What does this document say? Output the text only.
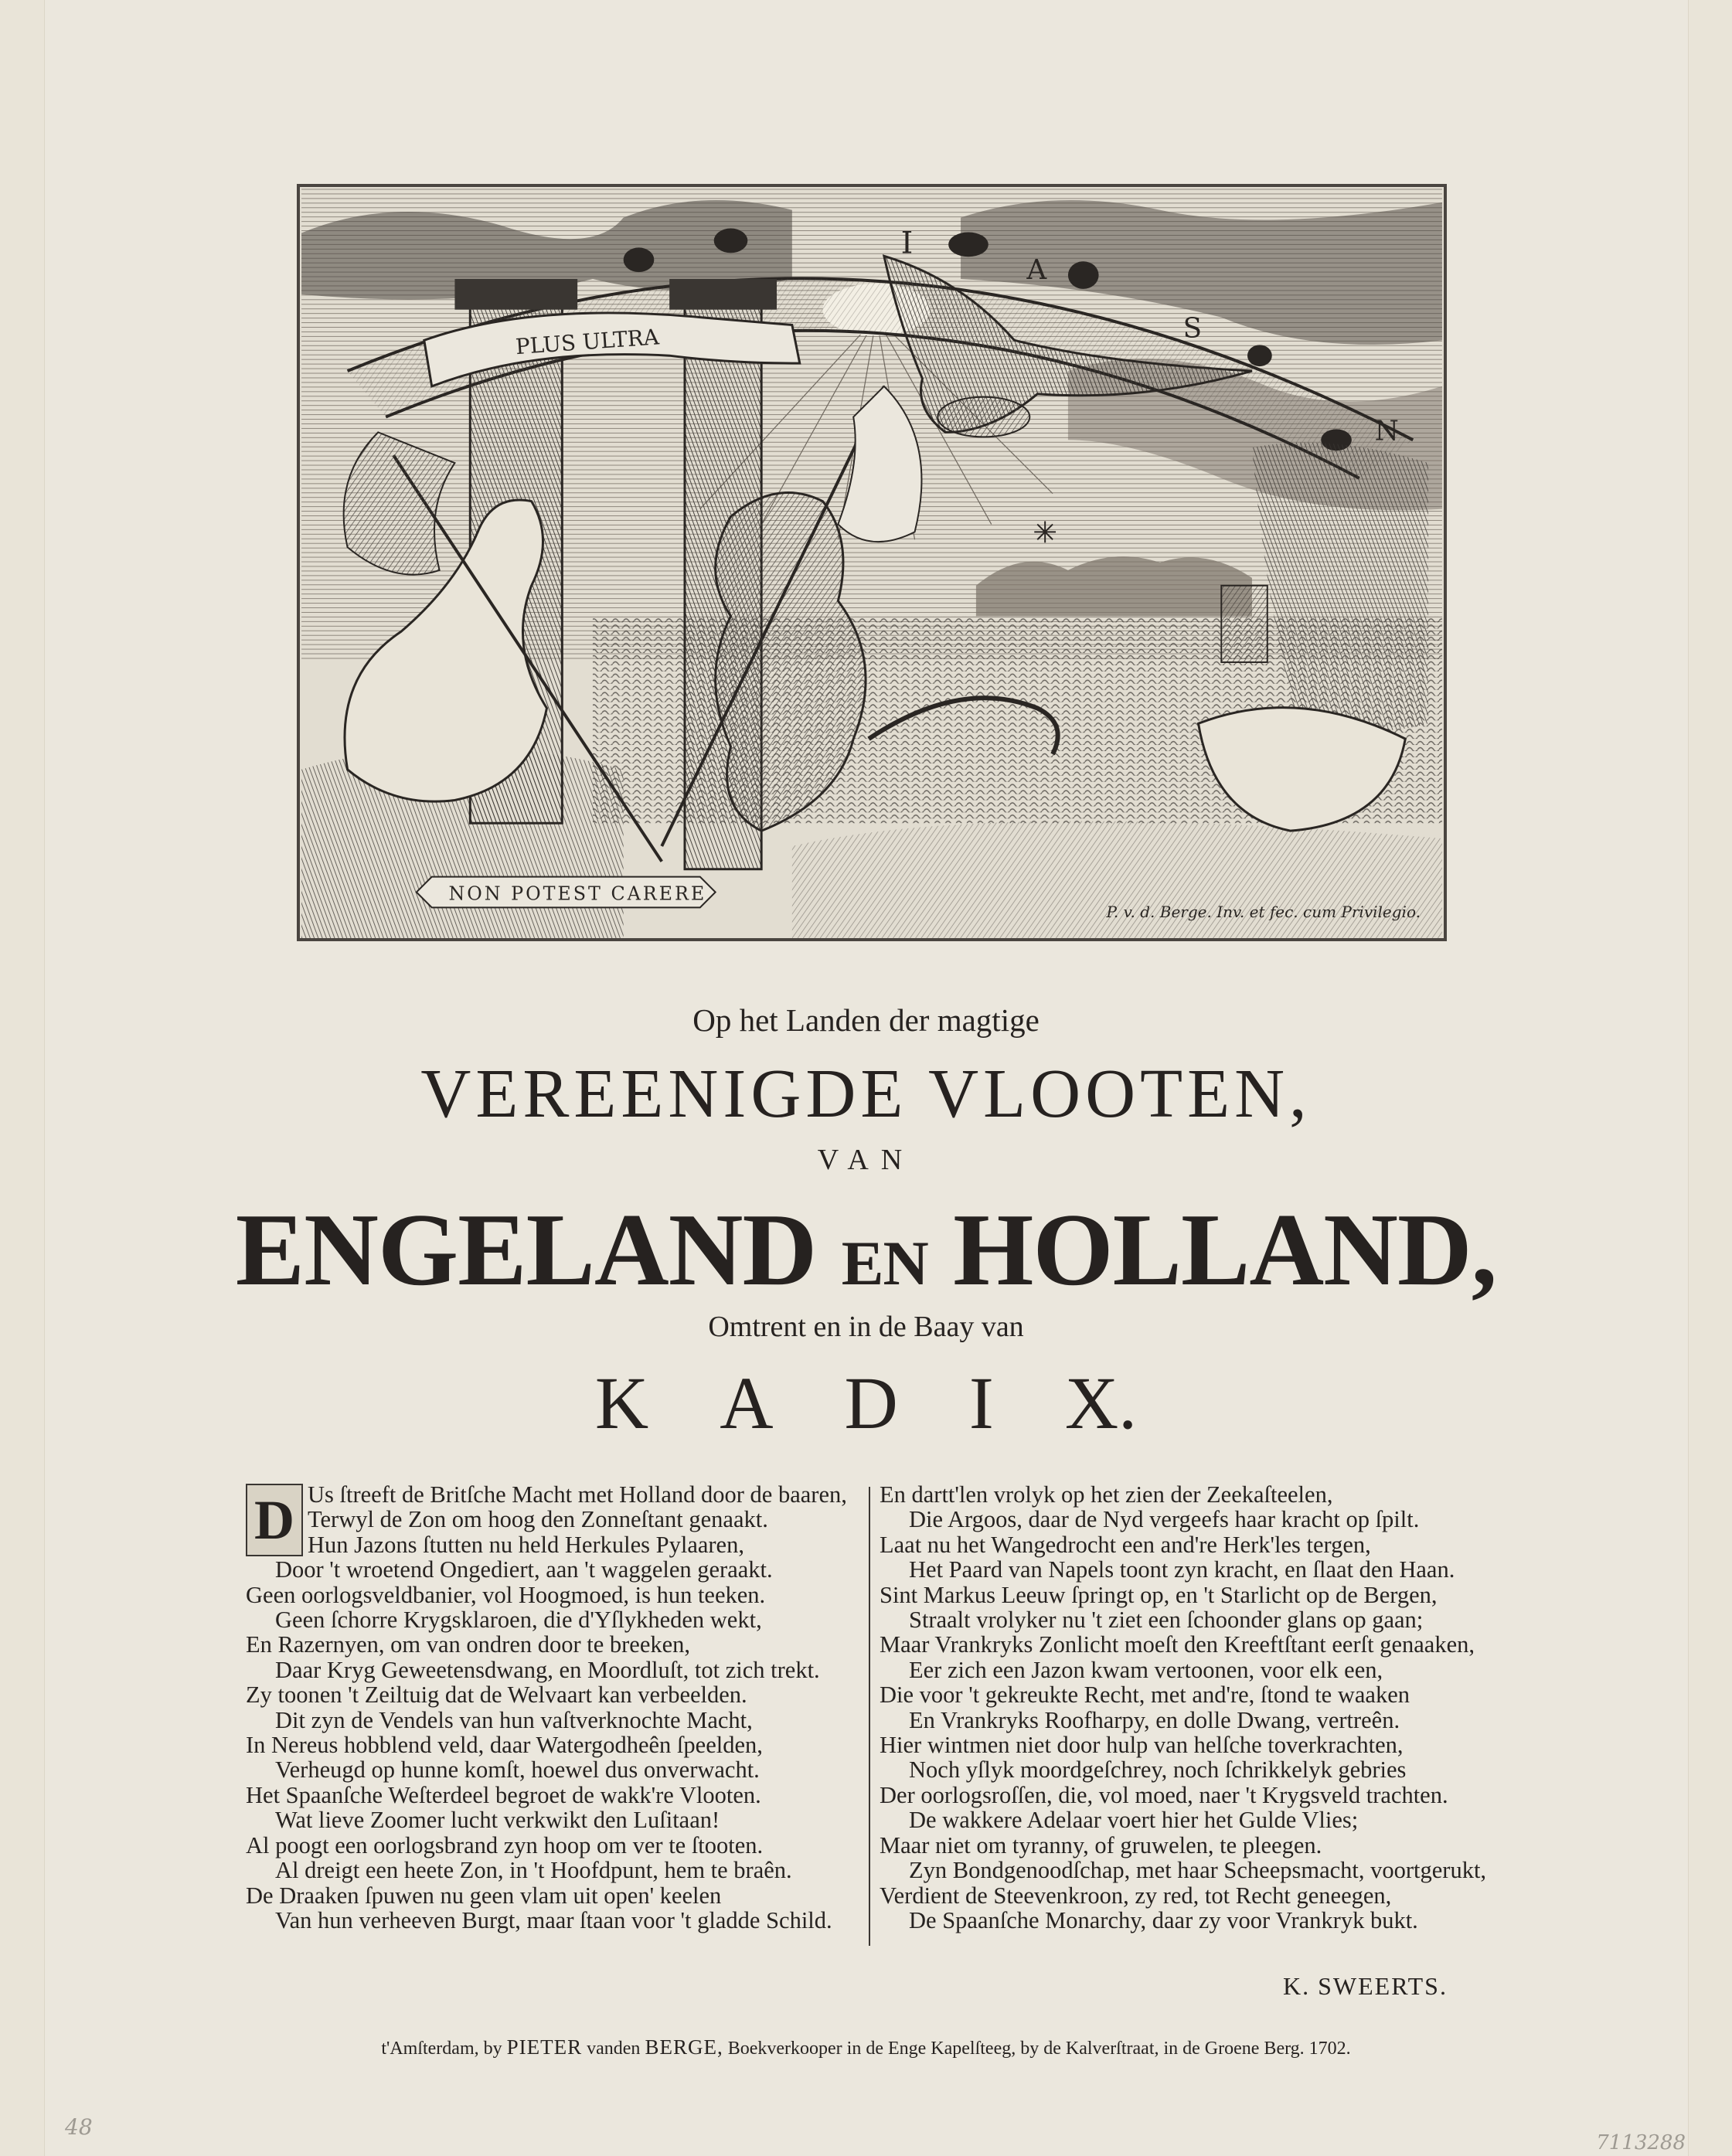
I
A
S
N
PLUS ULTRA
NON POTEST CARERE
P. v. d. Berge. Inv. et fec. cum Privilegio.
Op het Landen der magtige
VEREENIGDE VLOOTEN,
VAN
ENGELAND EN HOLLAND,
Omtrent en in de Baay van
K A D I X.
D Us ſtreeft de Britſche Macht met Holland door de baaren,
Terwyl de Zon om hoog den Zonneſtant genaakt.
Hun Jazons ſtutten nu held Herkules Pylaaren,
Door 't wroetend Ongediert, aan 't waggelen geraakt.
Geen oorlogsveldbanier, vol Hoogmoed, is hun teeken.
Geen ſchorre Krygsklaroen, die d'Yſlykheden wekt,
En Razernyen, om van ondren door te breeken,
Daar Kryg Geweetensdwang, en Moordluſt, tot zich trekt.
Zy toonen 't Zeiltuig dat de Welvaart kan verbeelden.
Dit zyn de Vendels van hun vaſtverknochte Macht,
In Nereus hobblend veld, daar Watergodheên ſpeelden,
Verheugd op hunne komſt, hoewel dus onverwacht.
Het Spaanſche Weſterdeel begroet de wakk're Vlooten.
Wat lieve Zoomer lucht verkwikt den Luſitaan!
Al poogt een oorlogsbrand zyn hoop om ver te ſtooten.
Al dreigt een heete Zon, in 't Hoofdpunt, hem te braên.
De Draaken ſpuwen nu geen vlam uit open' keelen
Van hun verheeven Burgt, maar ſtaan voor 't gladde Schild.
En dartt'len vrolyk op het zien der Zeekaſteelen,
Die Argoos, daar de Nyd vergeefs haar kracht op ſpilt.
Laat nu het Wangedrocht een and're Herk'les tergen,
Het Paard van Napels toont zyn kracht, en ſlaat den Haan.
Sint Markus Leeuw ſpringt op, en 't Starlicht op de Bergen,
Straalt vrolyker nu 't ziet een ſchoonder glans op gaan;
Maar Vrankryks Zonlicht moeſt den Kreeftſtant eerſt genaaken,
Eer zich een Jazon kwam vertoonen, voor elk een,
Die voor 't gekreukte Recht, met and're, ſtond te waaken
En Vrankryks Roofharpy, en dolle Dwang, vertreên.
Hier wintmen niet door hulp van helſche toverkrachten,
Noch yſlyk moordgeſchrey, noch ſchrikkelyk gebries
Der oorlogsroſſen, die, vol moed, naer 't Krygsveld trachten.
De wakkere Adelaar voert hier het Gulde Vlies;
Maar niet om tyranny, of gruwelen, te pleegen.
Zyn Bondgenoodſchap, met haar Scheepsmacht, voortgerukt,
Verdient de Steevenkroon, zy red, tot Recht geneegen,
De Spaanſche Monarchy, daar zy voor Vrankryk bukt.
K. SWEERTS.
t'Amſterdam, by PIETER vanden BERGE, Boekverkooper in de Enge Kapelſteeg, by de Kalverſtraat, in de Groene Berg. 1702.
48
7113288
